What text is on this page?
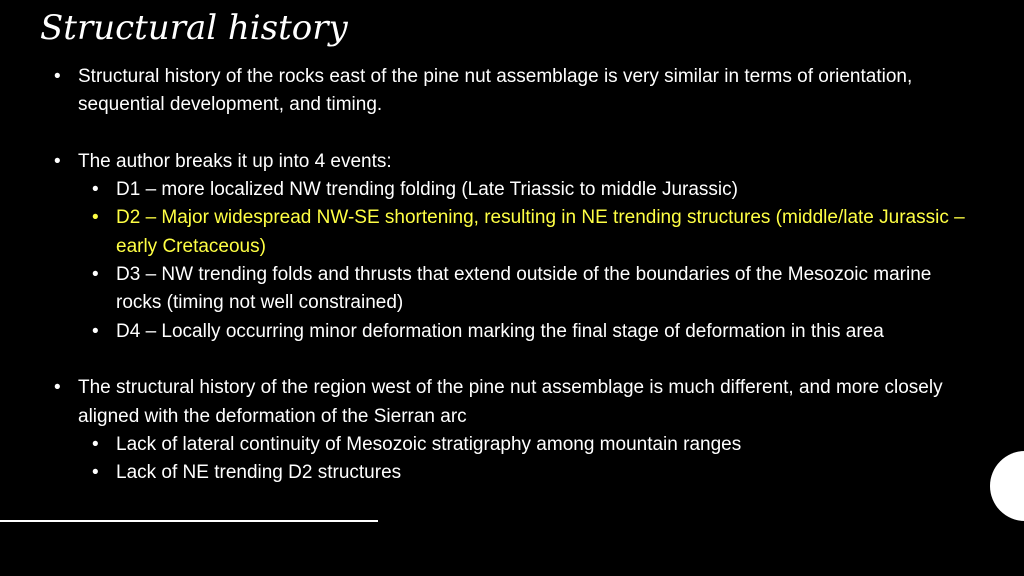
Structural history
• Structural history of the rocks east of the pine nut assemblage is very similar in terms of orientation, sequential development, and timing.
• The author breaks it up into 4 events:
• D1 – more localized NW trending folding (Late Triassic to middle Jurassic)
• D2 – Major widespread NW-SE shortening, resulting in NE trending structures (middle/late Jurassic – early Cretaceous)
• D3 – NW trending folds and thrusts that extend outside of the boundaries of the Mesozoic marine rocks (timing not well constrained)
• D4 – Locally occurring minor deformation marking the final stage of deformation in this area
• The structural history of the region west of the pine nut assemblage is much different, and more closely aligned with the deformation of the Sierran arc
• Lack of lateral continuity of Mesozoic stratigraphy among mountain ranges
• Lack of NE trending D2 structures
